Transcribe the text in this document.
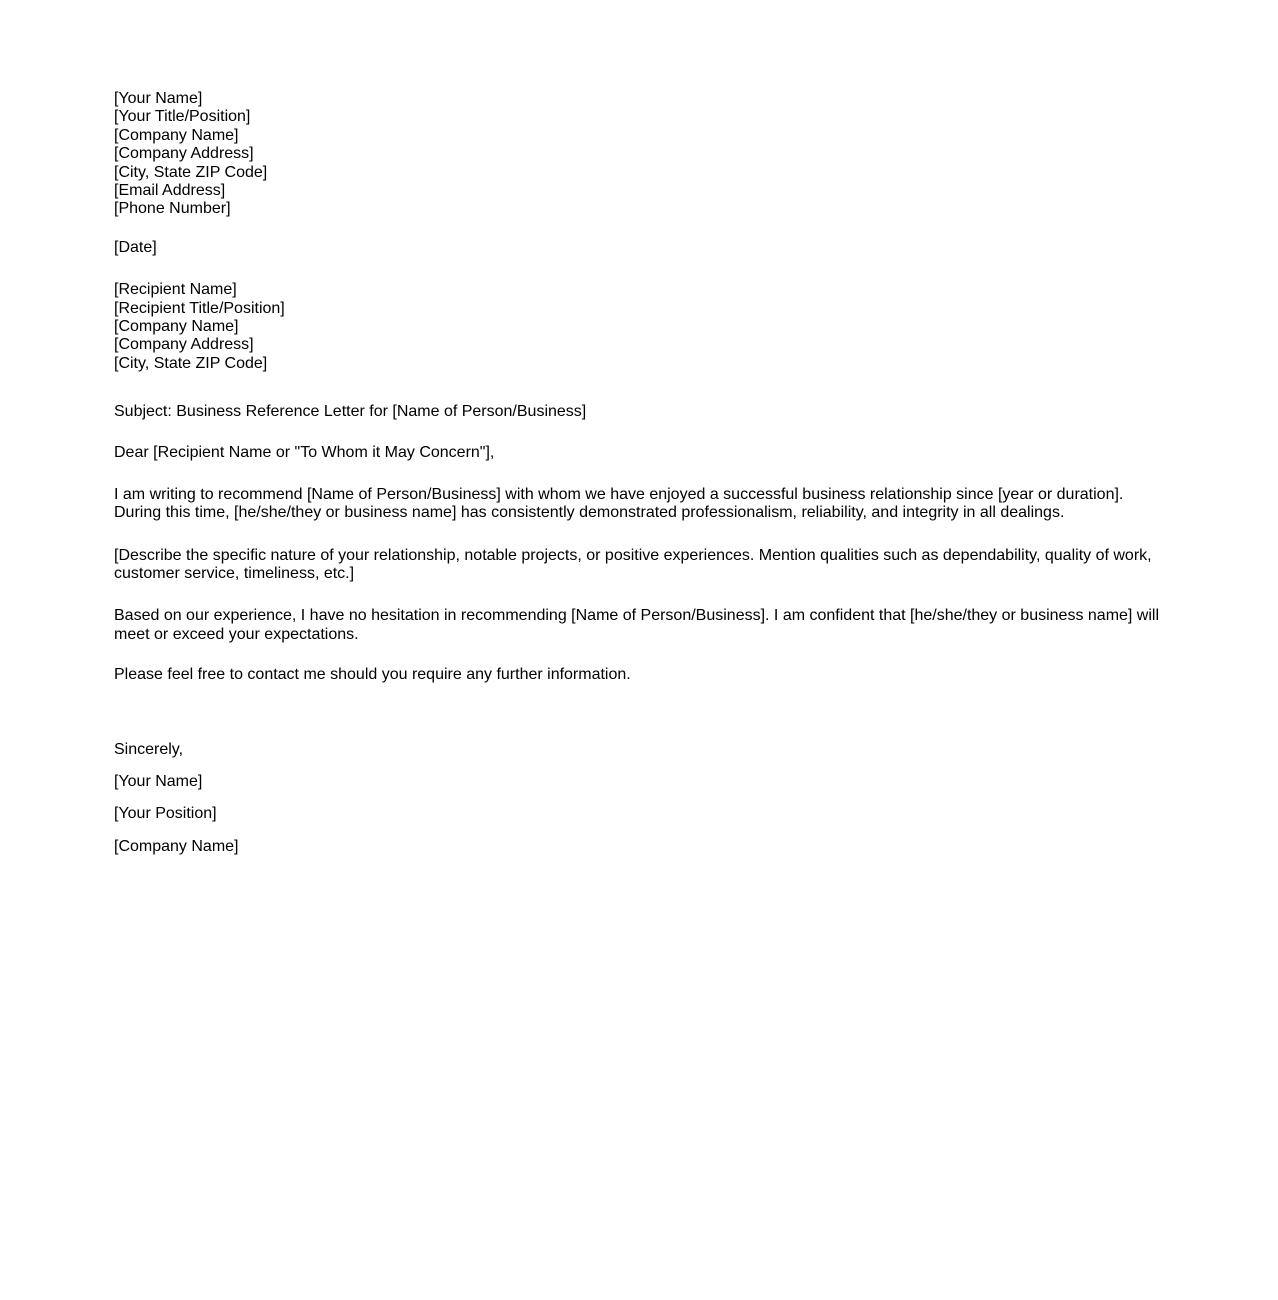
[Your Name]
[Your Title/Position]
[Company Name]
[Company Address]
[City, State ZIP Code]
[Email Address]
[Phone Number]

[Date]

[Recipient Name]
[Recipient Title/Position]
[Company Name]
[Company Address]
[City, State ZIP Code]

Subject: Business Reference Letter for [Name of Person/Business]

Dear [Recipient Name or "To Whom it May Concern"],

I am writing to recommend [Name of Person/Business] with whom we have enjoyed a successful business relationship since [year or duration]. During this time, [he/she/they or business name] has consistently demonstrated professionalism, reliability, and integrity in all dealings.

[Describe the specific nature of your relationship, notable projects, or positive experiences. Mention qualities such as dependability, quality of work, customer service, timeliness, etc.]

Based on our experience, I have no hesitation in recommending [Name of Person/Business]. I am confident that [he/she/they or business name] will meet or exceed your expectations.

Please feel free to contact me should you require any further information.

Sincerely,

[Your Name]

[Your Position]

[Company Name]
